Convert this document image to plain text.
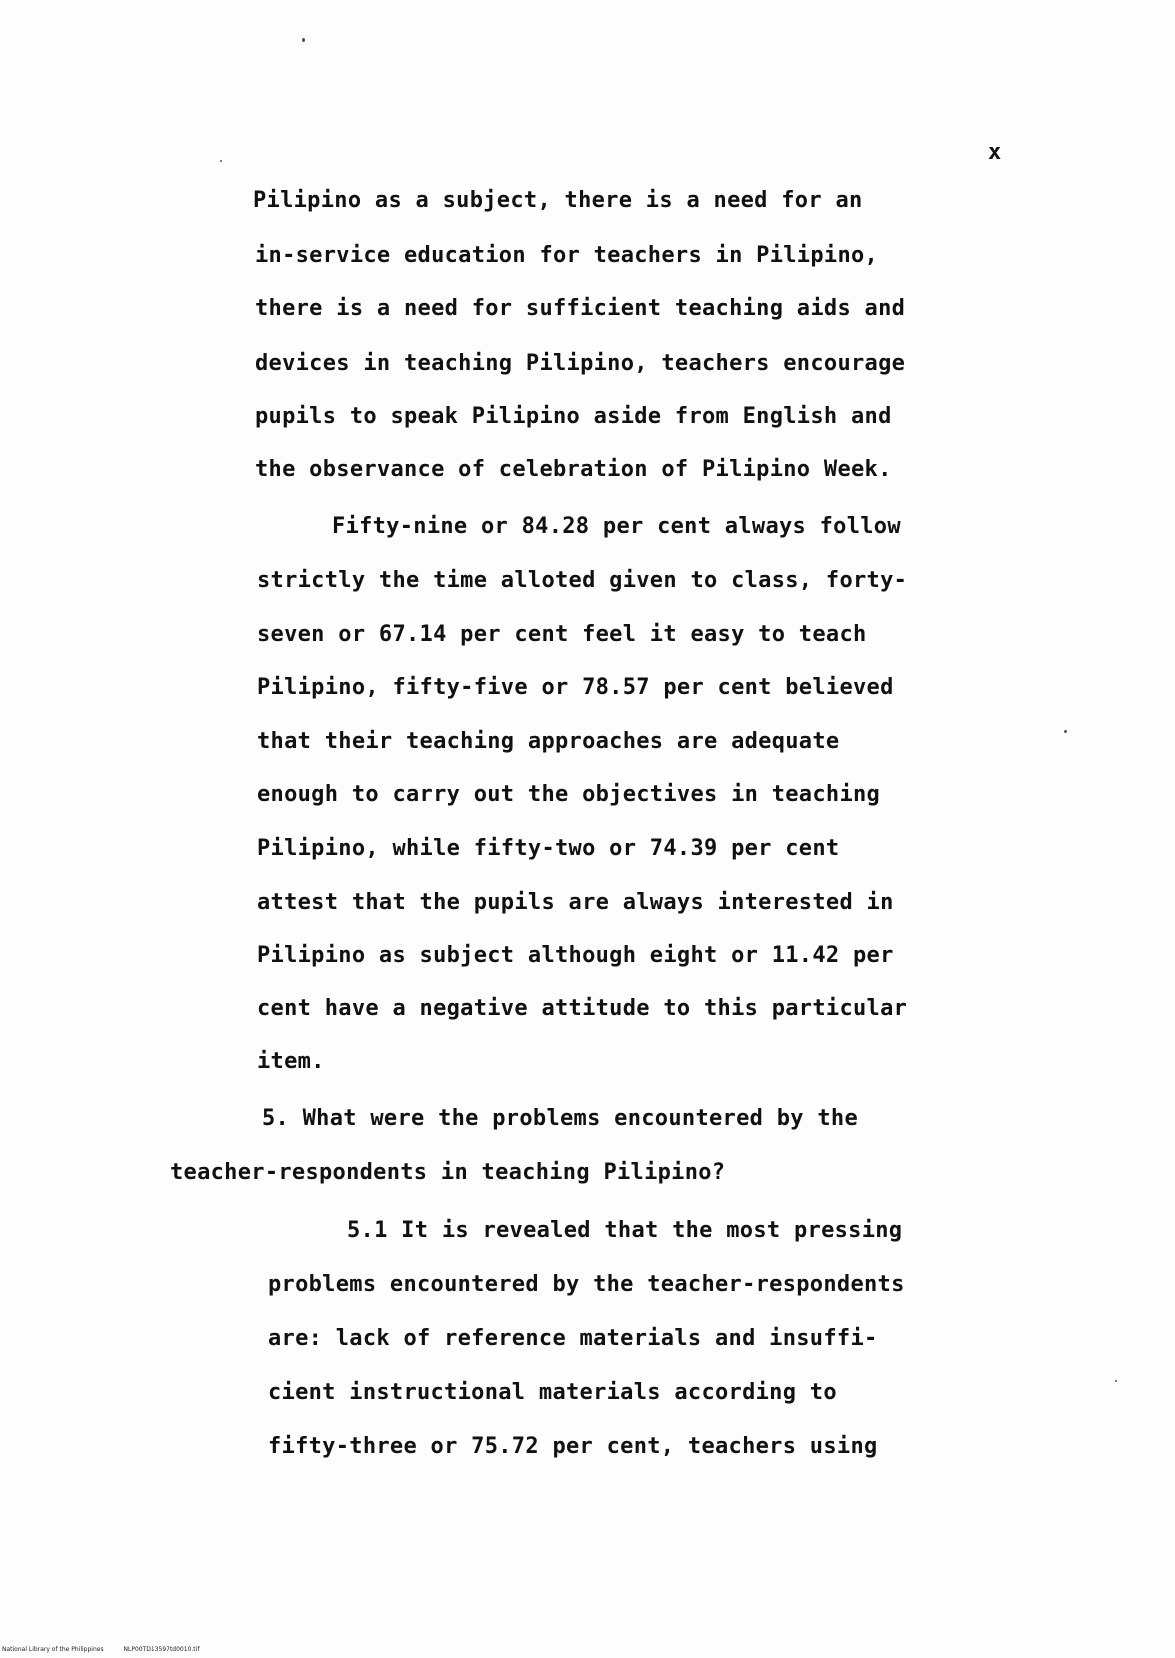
x
Pilipino as a subject, there is a need for an
in-service education for teachers in Pilipino,
there is a need for sufficient teaching aids and
devices in teaching Pilipino, teachers encourage
pupils to speak Pilipino aside from English and
the observance of celebration of Pilipino Week.
Fifty-nine or 84.28 per cent always follow
strictly the time alloted given to class, forty-
seven or 67.14 per cent feel it easy to teach
Pilipino, fifty-five or 78.57 per cent believed
that their teaching approaches are adequate
enough to carry out the objectives in teaching
Pilipino, while fifty-two or 74.39 per cent
attest that the pupils are always interested in
Pilipino as subject although eight or 11.42 per
cent have a negative attitude to this particular
item.
5. What were the problems encountered by the
teacher-respondents in teaching Pilipino?
5.1 It is revealed that the most pressing
problems encountered by the teacher-respondents
are: lack of reference materials and insuffi-
cient instructional materials according to
fifty-three or 75.72 per cent, teachers using
National Library of the Philippines	NLP00TD13597td0010.tif
